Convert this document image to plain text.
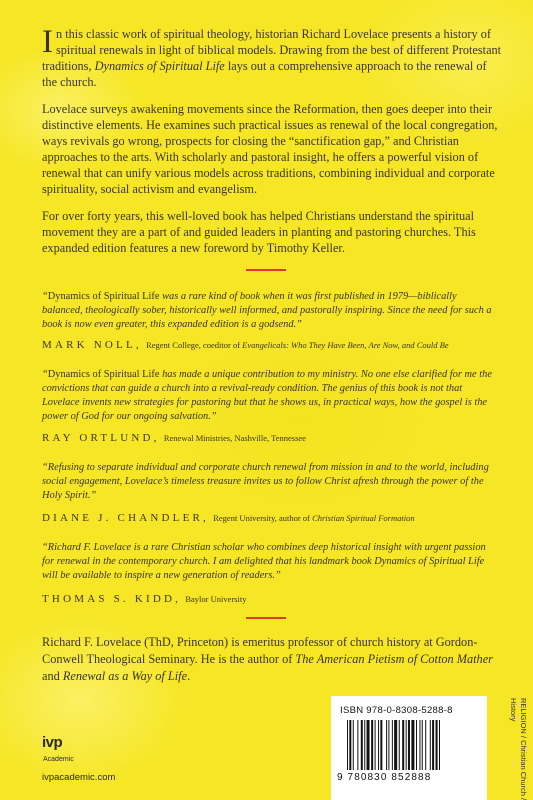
In this classic work of spiritual theology, historian Richard Lovelace presents a history of spiritual renewals in light of biblical models. Drawing from the best of different Protestant traditions, Dynamics of Spiritual Life lays out a comprehensive approach to the renewal of the church.

Lovelace surveys awakening movements since the Reformation, then goes deeper into their distinctive elements. He examines such practical issues as renewal of the local congregation, ways revivals go wrong, prospects for closing the “sanctification gap,” and Christian approaches to the arts. With scholarly and pastoral insight, he offers a powerful vision of renewal that can unify various models across traditions, combining individual and corporate spirituality, social activism and evangelism.

For over forty years, this well-loved book has helped Christians understand the spiritual movement they are a part of and guided leaders in planting and pastoring churches. This expanded edition features a new foreword by Timothy Keller.

“Dynamics of Spiritual Life was a rare kind of book when it was first published in 1979—biblically balanced, theologically sober, historically well informed, and pastorally inspiring. Since the need for such a book is now even greater, this expanded edition is a godsend.”
MARK NOLL, Regent College, coeditor of Evangelicals: Who They Have Been, Are Now, and Could Be
“Dynamics of Spiritual Life has made a unique contribution to my ministry. No one else clarified for me the convictions that can guide a church into a revival-ready condition. The genius of this book is not that Lovelace invents new strategies for pastoring but that he shows us, in practical ways, how the gospel is the power of God for our ongoing salvation.”
RAY ORTLUND, Renewal Ministries, Nashville, Tennessee
“Refusing to separate individual and corporate church renewal from mission in and to the world, including social engagement, Lovelace’s timeless treasure invites us to follow Christ afresh through the power of the Holy Spirit.”
DIANE J. CHANDLER, Regent University, author of Christian Spiritual Formation
“Richard F. Lovelace is a rare Christian scholar who combines deep historical insight with urgent passion for renewal in the contemporary church. I am delighted that his landmark book Dynamics of Spiritual Life will be available to inspire a new generation of readers.”
THOMAS S. KIDD, Baylor University
Richard F. Lovelace (ThD, Princeton) is emeritus professor of church history at Gordon-Conwell Theological Seminary. He is the author of The American Pietism of Cotton Mather and Renewal as a Way of Life.
ivp
Academic
ivpacademic.com
ISBN 978-0-8308-5288-8
9 780830 852888	RELIGION / Christian Church /
History
